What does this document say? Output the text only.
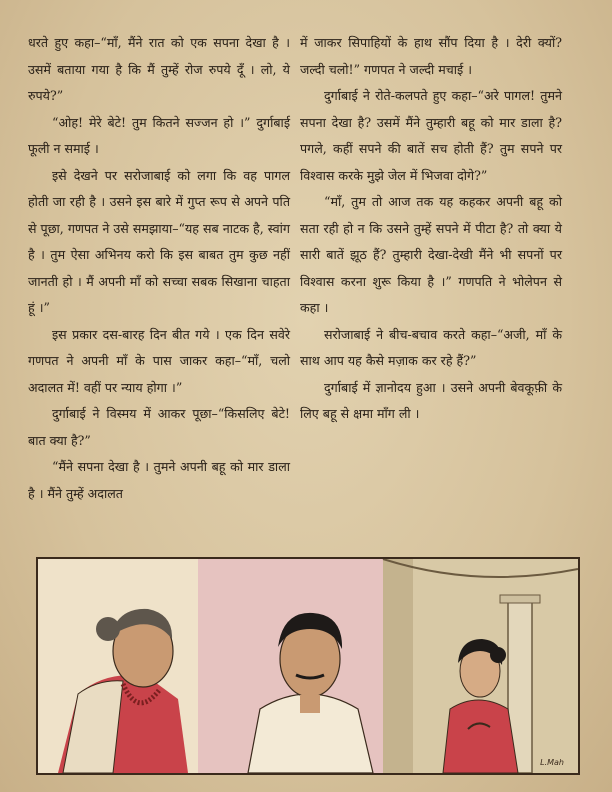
धरते हुए कहा–“माँ, मैंने रात को एक सपना देखा है । उसमें बताया गया है कि मैं तुम्हें रोज रुपये दूँ । लो, ये रुपये?”

“ओह! मेरे बेटे! तुम कितने सज्जन हो ।” दुर्गाबाई फूली न समाई ।

इसे देखने पर सरोजाबाई को लगा कि वह पागल होती जा रही है । उसने इस बारे में गुप्त रूप से अपने पति से पूछा, गणपत ने उसे समझाया–“यह सब नाटक है, स्वांग है । तुम ऐसा अभिनय करो कि इस बाबत तुम कुछ नहीं जानती हो । मैं अपनी माँ को सच्चा सबक सिखाना चाहता हूं ।”

इस प्रकार दस-बारह दिन बीत गये । एक दिन सवेरे गणपत ने अपनी माँ के पास जाकर कहा–“माँ, चलो अदालत में! वहीं पर न्याय होगा ।”

दुर्गाबाई ने विस्मय में आकर पूछा–“किसलिए बेटे! बात क्या है?”

“मैंने सपना देखा है । तुमने अपनी बहू को मार डाला है । मैंने तुम्हें अदालत

में जाकर सिपाहियों के हाथ सौंप दिया है । देरी क्यों? जल्दी चलो!” गणपत ने जल्दी मचाई ।

दुर्गाबाई ने रोते-कलपते हुए कहा–“अरे पागल! तुमने सपना देखा है? उसमें मैंने तुम्हारी बहू को मार डाला है? पगले, कहीं सपने की बातें सच होती हैं? तुम सपने पर विश्वास करके मुझे जेल में भिजवा दोगे?”

“माँ, तुम तो आज तक यह कहकर अपनी बहू को सता रही हो न कि उसने तुम्हें सपने में पीटा है? तो क्या ये सारी बातें झूठ हैं? तुम्हारी देखा-देखी मैंने भी सपनों पर विश्वास करना शुरू किया है ।” गणपति ने भोलेपन से कहा ।

सरोजाबाई ने बीच-बचाव करते कहा–“अजी, माँ के साथ आप यह कैसे मज़ाक कर रहे हैं?”

दुर्गाबाई में ज्ञानोदय हुआ । उसने अपनी बेवकूफ़ी के लिए बहू से क्षमा माँग ली ।

L.Mah
